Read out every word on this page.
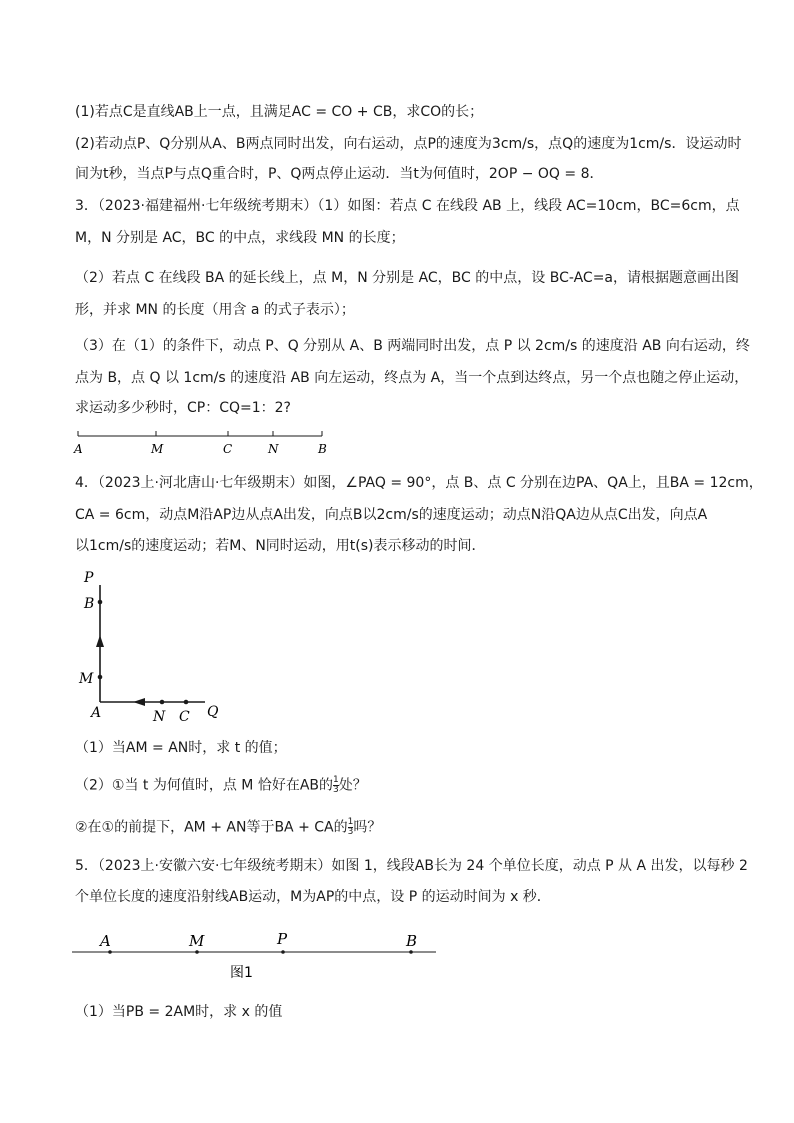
(1)若点C是直线AB上一点，且满足AC = CO + CB，求CO的长；
(2)若动点P、Q分别从A、B两点同时出发，向右运动，点P的速度为3cm/s，点Q的速度为1cm/s．设运动时
间为t秒，当点P与点Q重合时，P、Q两点停止运动．当t为何值时，2OP − OQ = 8．
3．（2023·福建福州·七年级统考期末）（1）如图：若点 C 在线段 AB 上，线段 AC=10cm，BC=6cm，点
M，N 分别是 AC，BC 的中点，求线段 MN 的长度；
（2）若点 C 在线段 BA 的延长线上，点 M，N 分别是 AC，BC 的中点，设 BC-AC=a，请根据题意画出图
形，并求 MN 的长度（用含 a 的式子表示）；
（3）在（1）的条件下，动点 P、Q 分别从 A、B 两端同时出发，点 P 以 2cm/s 的速度沿 AB 向右运动，终
点为 B，点 Q 以 1cm/s 的速度沿 AB 向左运动，终点为 A，当一个点到达终点，另一个点也随之停止运动，
求运动多少秒时，CP：CQ=1：2?
A	M	C	N	B
4．（2023上·河北唐山·七年级期末）如图，∠PAQ = 90°，点 B、点 C 分别在边PA、QA上，且BA = 12cm，
CA = 6cm，动点M沿AP边从点A出发，向点B以2cm/s的速度运动；动点N沿QA边从点C出发，向点A
以1cm/s的速度运动；若M、N同时运动，用t(s)表示移动的时间．
P
B
M
A	N C Q
（1）当AM = AN时，求 t 的值；
（2）①当 t 为何值时，点 M 恰好在AB的 $\frac{1}{3}$ 处？
②在①的前提下，AM + AN等于BA + CA的 $\frac{1}{3}$ 吗？
5．（2023上·安徽六安·七年级统考期末）如图 1，线段AB长为 24 个单位长度，动点 P 从 A 出发，以每秒 2
个单位长度的速度沿射线AB运动，M为AP的中点，设 P 的运动时间为 x 秒．
A	M	P	B
图1
（1）当PB = 2AM时，求 x 的值
